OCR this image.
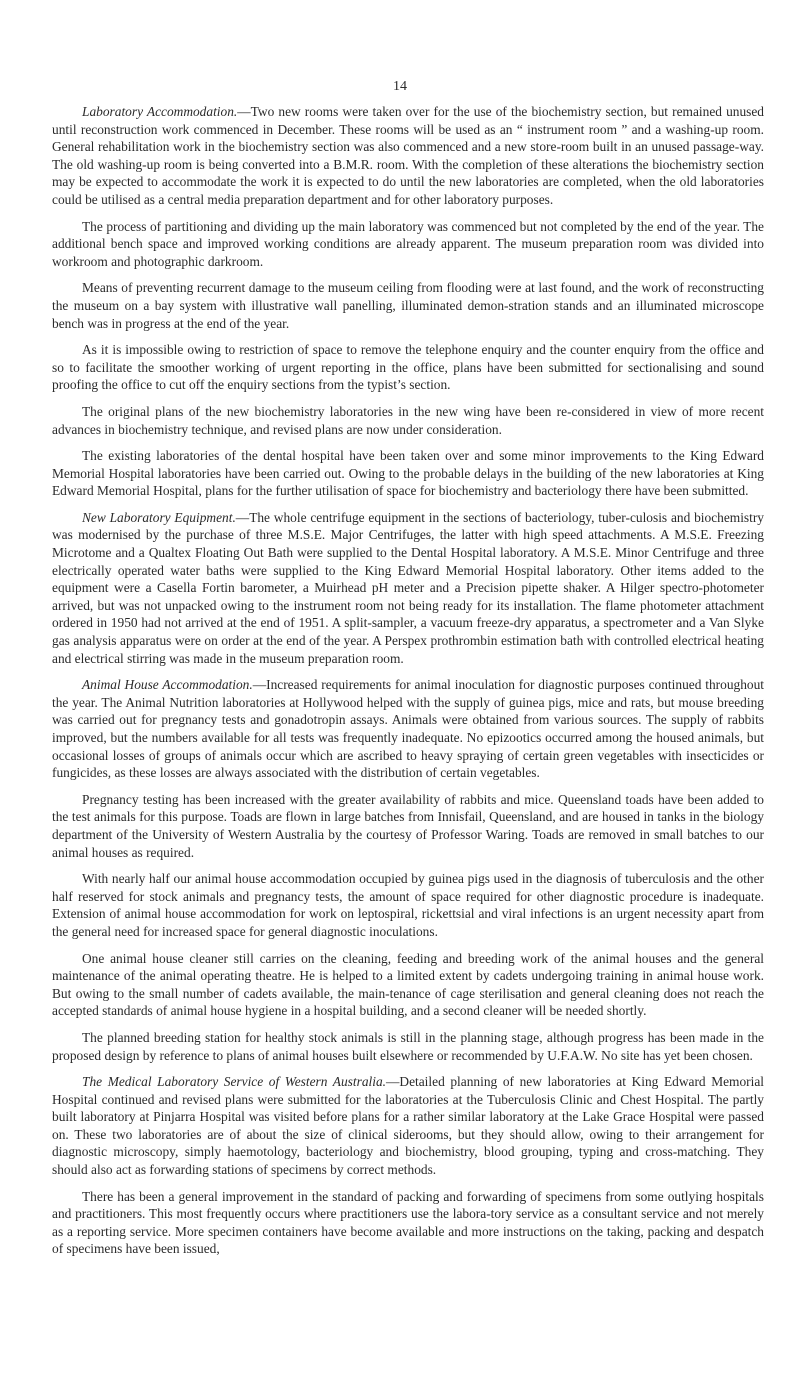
14

Laboratory Accommodation.—Two new rooms were taken over for the use of the biochemistry section, but remained unused until reconstruction work commenced in December. These rooms will be used as an “ instrument room ” and a washing-up room. General rehabilitation work in the biochemistry section was also commenced and a new store-room built in an unused passage-way. The old washing-up room is being converted into a B.M.R. room. With the completion of these alterations the biochemistry section may be expected to accommodate the work it is expected to do until the new laboratories are completed, when the old laboratories could be utilised as a central media preparation department and for other laboratory purposes.

The process of partitioning and dividing up the main laboratory was commenced but not completed by the end of the year. The additional bench space and improved working conditions are already apparent. The museum preparation room was divided into workroom and photographic darkroom.

Means of preventing recurrent damage to the museum ceiling from flooding were at last found, and the work of reconstructing the museum on a bay system with illustrative wall panelling, illuminated demon-stration stands and an illuminated microscope bench was in progress at the end of the year.

As it is impossible owing to restriction of space to remove the telephone enquiry and the counter enquiry from the office and so to facilitate the smoother working of urgent reporting in the office, plans have been submitted for sectionalising and sound proofing the office to cut off the enquiry sections from the typist’s section.

The original plans of the new biochemistry laboratories in the new wing have been re-considered in view of more recent advances in biochemistry technique, and revised plans are now under consideration.

The existing laboratories of the dental hospital have been taken over and some minor improvements to the King Edward Memorial Hospital laboratories have been carried out. Owing to the probable delays in the building of the new laboratories at King Edward Memorial Hospital, plans for the further utilisation of space for biochemistry and bacteriology there have been submitted.

New Laboratory Equipment.—The whole centrifuge equipment in the sections of bacteriology, tuber-culosis and biochemistry was modernised by the purchase of three M.S.E. Major Centrifuges, the latter with high speed attachments. A M.S.E. Freezing Microtome and a Qualtex Floating Out Bath were supplied to the Dental Hospital laboratory. A M.S.E. Minor Centrifuge and three electrically operated water baths were supplied to the King Edward Memorial Hospital laboratory. Other items added to the equipment were a Casella Fortin barometer, a Muirhead pH meter and a Precision pipette shaker. A Hilger spectro-photometer arrived, but was not unpacked owing to the instrument room not being ready for its installation. The flame photometer attachment ordered in 1950 had not arrived at the end of 1951. A split-sampler, a vacuum freeze-dry apparatus, a spectrometer and a Van Slyke gas analysis apparatus were on order at the end of the year. A Perspex prothrombin estimation bath with controlled electrical heating and electrical stirring was made in the museum preparation room.

Animal House Accommodation.—Increased requirements for animal inoculation for diagnostic purposes continued throughout the year. The Animal Nutrition laboratories at Hollywood helped with the supply of guinea pigs, mice and rats, but mouse breeding was carried out for pregnancy tests and gonadotropin assays. Animals were obtained from various sources. The supply of rabbits improved, but the numbers available for all tests was frequently inadequate. No epizootics occurred among the housed animals, but occasional losses of groups of animals occur which are ascribed to heavy spraying of certain green vegetables with insecticides or fungicides, as these losses are always associated with the distribution of certain vegetables.

Pregnancy testing has been increased with the greater availability of rabbits and mice. Queensland toads have been added to the test animals for this purpose. Toads are flown in large batches from Innisfail, Queensland, and are housed in tanks in the biology department of the University of Western Australia by the courtesy of Professor Waring. Toads are removed in small batches to our animal houses as required.

With nearly half our animal house accommodation occupied by guinea pigs used in the diagnosis of tuberculosis and the other half reserved for stock animals and pregnancy tests, the amount of space required for other diagnostic procedure is inadequate. Extension of animal house accommodation for work on leptospiral, rickettsial and viral infections is an urgent necessity apart from the general need for increased space for general diagnostic inoculations.

One animal house cleaner still carries on the cleaning, feeding and breeding work of the animal houses and the general maintenance of the animal operating theatre. He is helped to a limited extent by cadets undergoing training in animal house work. But owing to the small number of cadets available, the main-tenance of cage sterilisation and general cleaning does not reach the accepted standards of animal house hygiene in a hospital building, and a second cleaner will be needed shortly.

The planned breeding station for healthy stock animals is still in the planning stage, although progress has been made in the proposed design by reference to plans of animal houses built elsewhere or recommended by U.F.A.W. No site has yet been chosen.

The Medical Laboratory Service of Western Australia.—Detailed planning of new laboratories at King Edward Memorial Hospital continued and revised plans were submitted for the laboratories at the Tuberculosis Clinic and Chest Hospital. The partly built laboratory at Pinjarra Hospital was visited before plans for a rather similar laboratory at the Lake Grace Hospital were passed on. These two laboratories are of about the size of clinical siderooms, but they should allow, owing to their arrangement for diagnostic microscopy, simply haemotology, bacteriology and biochemistry, blood grouping, typing and cross-matching. They should also act as forwarding stations of specimens by correct methods.

There has been a general improvement in the standard of packing and forwarding of specimens from some outlying hospitals and practitioners. This most frequently occurs where practitioners use the labora-tory service as a consultant service and not merely as a reporting service. More specimen containers have become available and more instructions on the taking, packing and despatch of specimens have been issued,
